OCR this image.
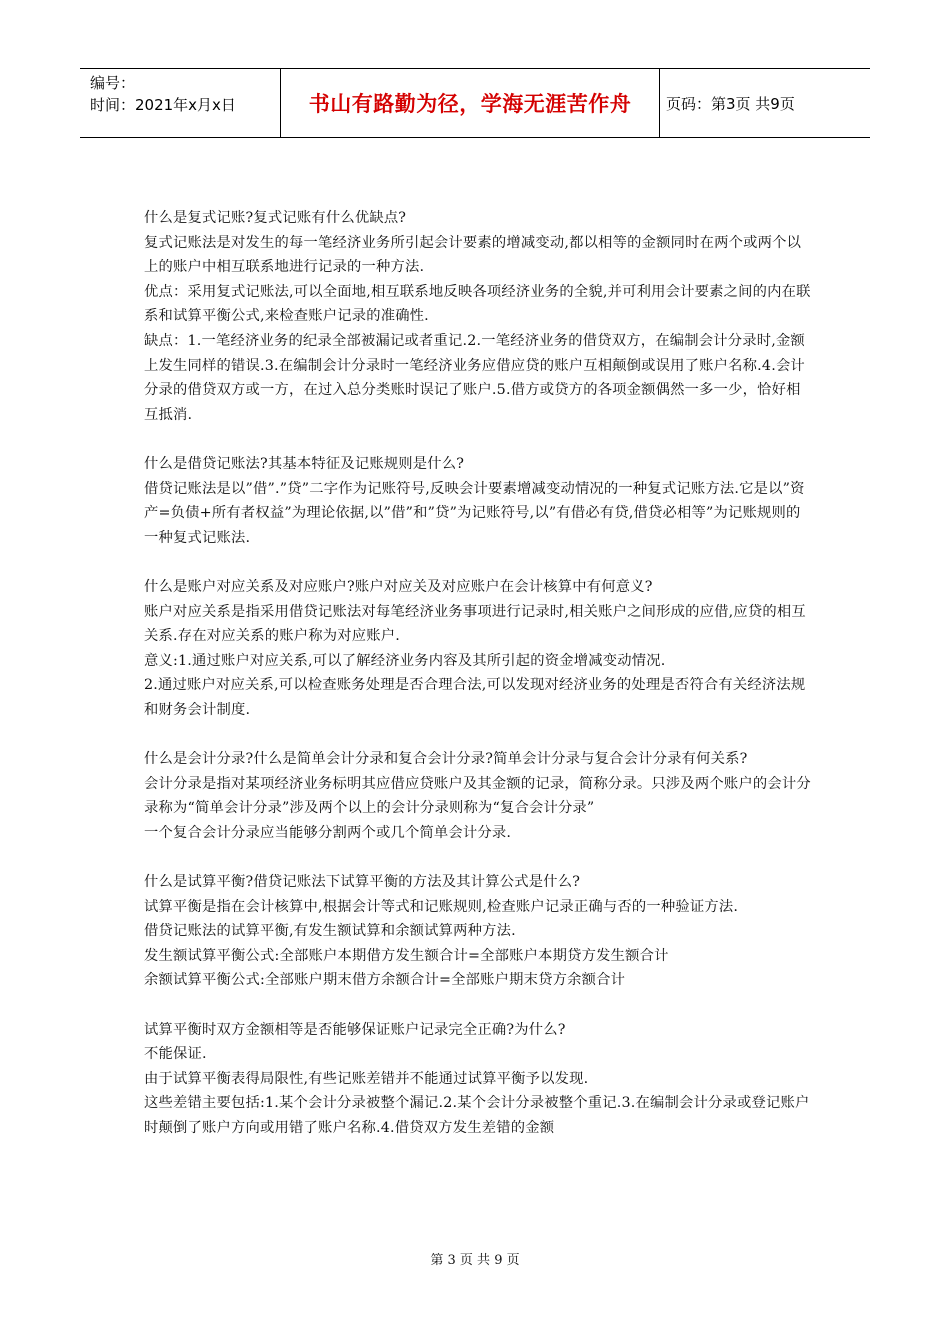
编号：
时间：2021年x月x日	书山有路勤为径，学海无涯苦作舟	页码：第3页 共9页

什么是复式记账?复式记账有什么优缺点?

复式记账法是对发生的每一笔经济业务所引起会计要素的增减变动,都以相等的金额同时在两个或两个以上的账户中相互联系地进行记录的一种方法.

优点：采用复式记账法,可以全面地,相互联系地反映各项经济业务的全貌,并可利用会计要素之间的内在联系和试算平衡公式,来检查账户记录的准确性.

缺点：1.一笔经济业务的纪录全部被漏记或者重记.2.一笔经济业务的借贷双方，在编制会计分录时,金额上发生同样的错误.3.在编制会计分录时一笔经济业务应借应贷的账户互相颠倒或误用了账户名称.4.会计分录的借贷双方或一方，在过入总分类账时误记了账户.5.借方或贷方的各项金额偶然一多一少，恰好相互抵消.

什么是借贷记账法?其基本特征及记账规则是什么?

借贷记账法是以”借”.”贷”二字作为记账符号,反映会计要素增减变动情况的一种复式记账方法.它是以”资产=负债+所有者权益”为理论依据,以”借”和”贷”为记账符号,以”有借必有贷,借贷必相等”为记账规则的一种复式记账法.

什么是账户对应关系及对应账户?账户对应关及对应账户在会计核算中有何意义?

账户对应关系是指采用借贷记账法对每笔经济业务事项进行记录时,相关账户之间形成的应借,应贷的相互关系.存在对应关系的账户称为对应账户.

意义:1.通过账户对应关系,可以了解经济业务内容及其所引起的资金增减变动情况.

2.通过账户对应关系,可以检查账务处理是否合理合法,可以发现对经济业务的处理是否符合有关经济法规和财务会计制度.

什么是会计分录?什么是简单会计分录和复合会计分录?简单会计分录与复合会计分录有何关系?

会计分录是指对某项经济业务标明其应借应贷账户及其金额的记录，简称分录。只涉及两个账户的会计分录称为“简单会计分录”涉及两个以上的会计分录则称为“复合会计分录”

一个复合会计分录应当能够分割两个或几个简单会计分录.

什么是试算平衡?借贷记账法下试算平衡的方法及其计算公式是什么?

试算平衡是指在会计核算中,根据会计等式和记账规则,检查账户记录正确与否的一种验证方法.

借贷记账法的试算平衡,有发生额试算和余额试算两种方法.

发生额试算平衡公式:全部账户本期借方发生额合计=全部账户本期贷方发生额合计

余额试算平衡公式:全部账户期末借方余额合计=全部账户期末贷方余额合计

试算平衡时双方金额相等是否能够保证账户记录完全正确?为什么?

不能保证.

由于试算平衡表得局限性,有些记账差错并不能通过试算平衡予以发现.

这些差错主要包括:1.某个会计分录被整个漏记.2.某个会计分录被整个重记.3.在编制会计分录或登记账户时颠倒了账户方向或用错了账户名称.4.借贷双方发生差错的金额

第 3 页 共 9 页
